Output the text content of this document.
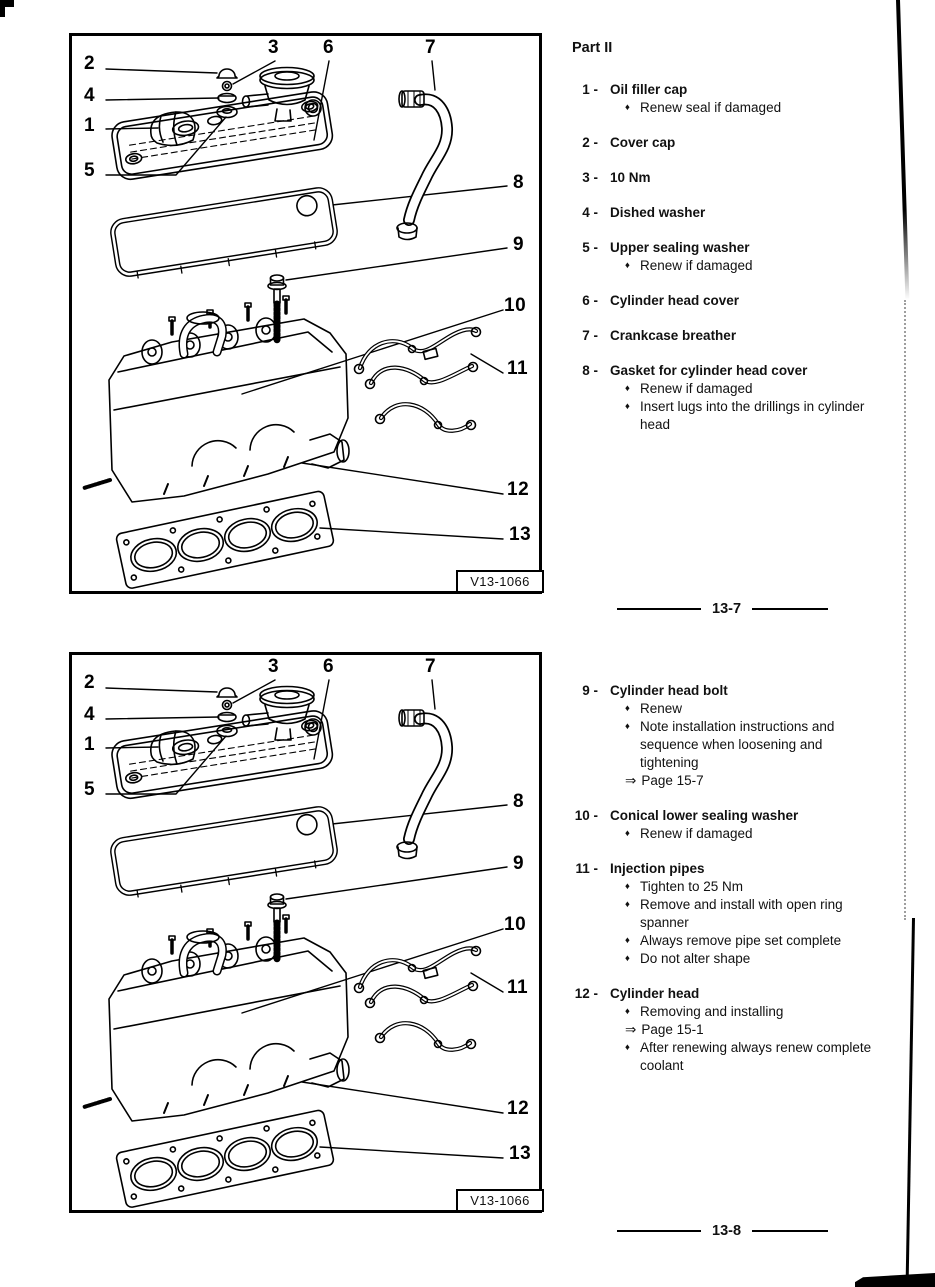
2
3 6	7
4
1
5
8
9
10
11
12
13
V13-1066
2
3 6	7
4
1
5
8
9
10
11
12
13
V13-1066
Part II
1 - Oil filler cap
♦ Renew seal if damaged
2 - Cover cap
3 - 10 Nm
4 - Dished washer
5 - Upper sealing washer
♦ Renew if damaged
6 - Cylinder head cover
7 - Crankcase breather
8 - Gasket for cylinder head cover
♦ Renew if damaged
♦ Insert lugs into the drillings in cylinder head
9 - Cylinder head bolt
♦ Renew
♦ Note installation instructions and sequence when loosening and tightening
⇒ Page 15-7
10 - Conical lower sealing washer
♦ Renew if damaged
11 - Injection pipes
♦ Tighten to 25 Nm
♦ Remove and install with open ring spanner
♦ Always remove pipe set complete
♦ Do not alter shape
12 - Cylinder head
♦ Removing and installing
⇒ Page 15-1
♦ After renewing always renew complete coolant
13-7
13-8
